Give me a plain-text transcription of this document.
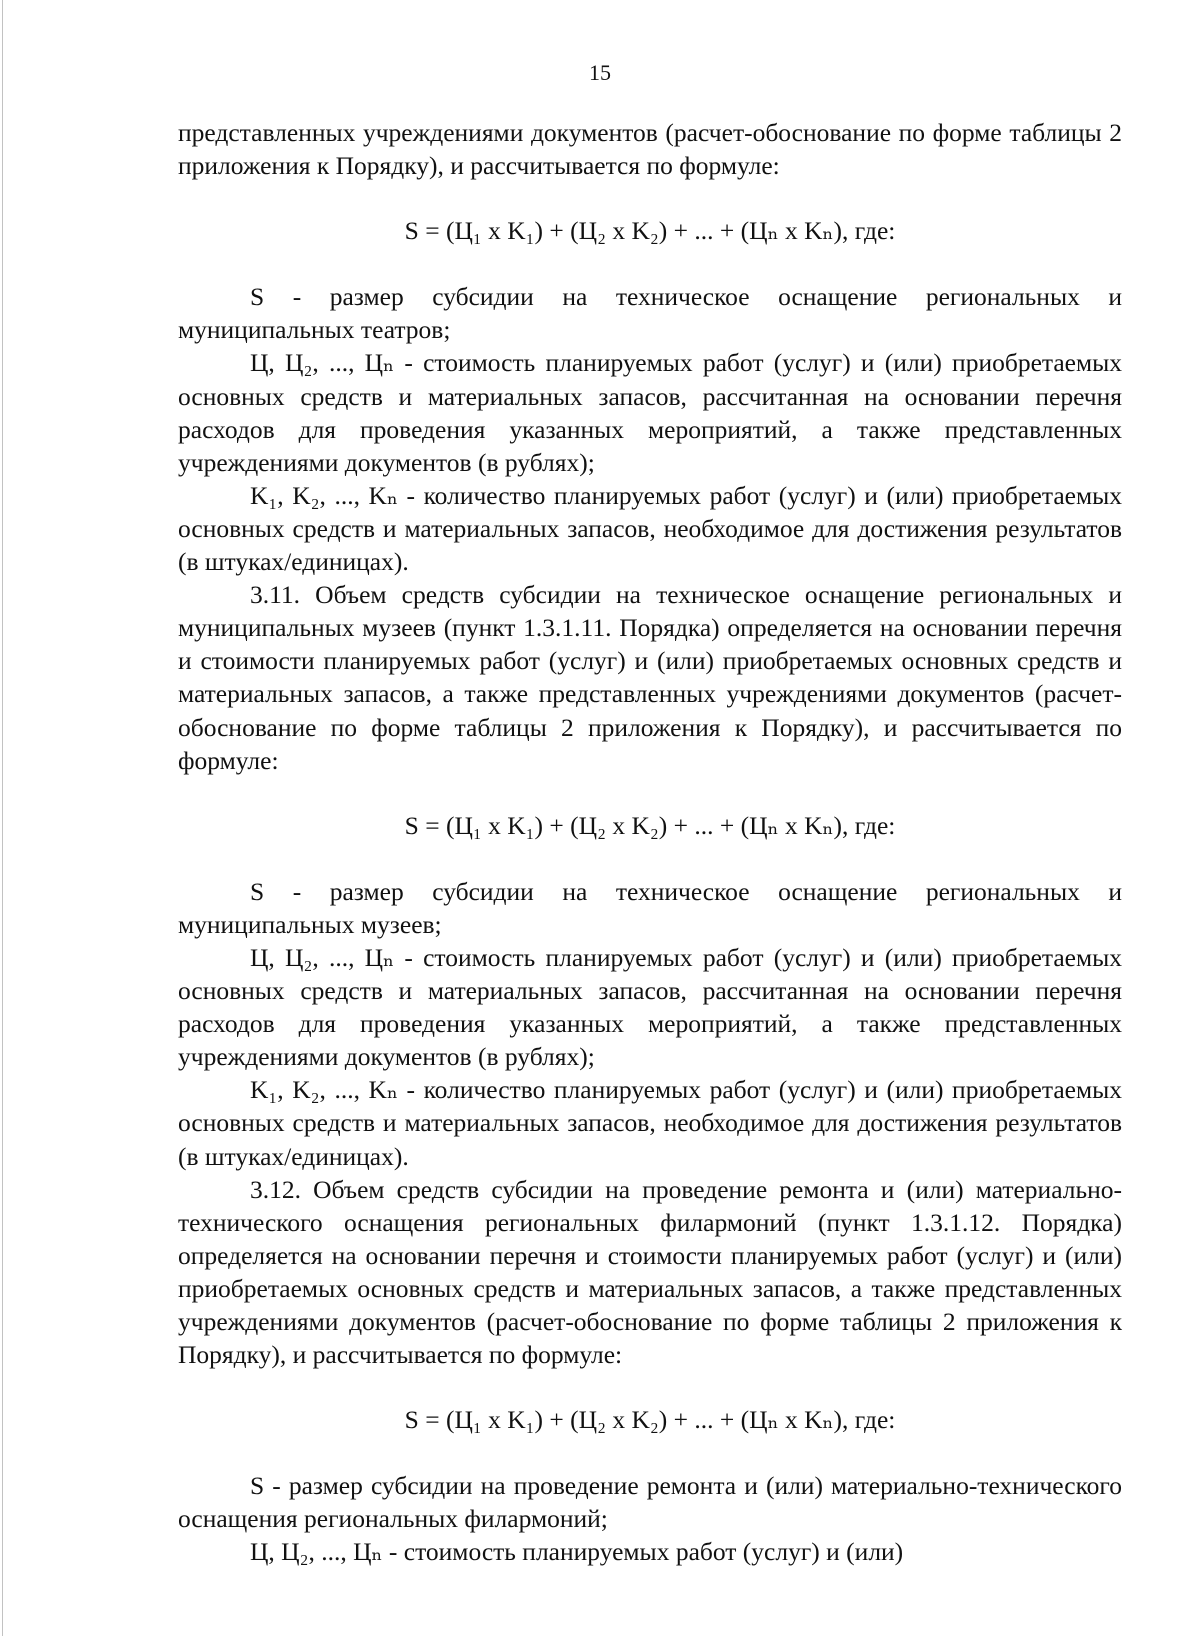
15

представленных учреждениями документов (расчет-обоснование по форме таблицы 2 приложения к Порядку), и рассчитывается по формуле:

S = (Ц₁ x K₁) + (Ц₂ x K₂) + ... + (Цₙ x Kₙ), где:

S - размер субсидии на техническое оснащение региональных и муниципальных театров;

Ц, Ц₂, ..., Цₙ - стоимость планируемых работ (услуг) и (или) приобретаемых основных средств и материальных запасов, рассчитанная на основании перечня расходов для проведения указанных мероприятий, а также представленных учреждениями документов (в рублях);

K₁, K₂, ..., Kₙ - количество планируемых работ (услуг) и (или) приобретаемых основных средств и материальных запасов, необходимое для достижения результатов (в штуках/единицах).

3.11. Объем средств субсидии на техническое оснащение региональных и муниципальных музеев (пункт 1.3.1.11. Порядка) определяется на основании перечня и стоимости планируемых работ (услуг) и (или) приобретаемых основных средств и материальных запасов, а также представленных учреждениями документов (расчет-обоснование по форме таблицы 2 приложения к Порядку), и рассчитывается по формуле:

S = (Ц₁ x K₁) + (Ц₂ x K₂) + ... + (Цₙ x Kₙ), где:

S - размер субсидии на техническое оснащение региональных и муниципальных музеев;

Ц, Ц₂, ..., Цₙ - стоимость планируемых работ (услуг) и (или) приобретаемых основных средств и материальных запасов, рассчитанная на основании перечня расходов для проведения указанных мероприятий, а также представленных учреждениями документов (в рублях);

K₁, K₂, ..., Kₙ - количество планируемых работ (услуг) и (или) приобретаемых основных средств и материальных запасов, необходимое для достижения результатов (в штуках/единицах).

3.12. Объем средств субсидии на проведение ремонта и (или) материально-технического оснащения региональных филармоний (пункт 1.3.1.12. Порядка) определяется на основании перечня и стоимости планируемых работ (услуг) и (или) приобретаемых основных средств и материальных запасов, а также представленных учреждениями документов (расчет-обоснование по форме таблицы 2 приложения к Порядку), и рассчитывается по формуле:

S = (Ц₁ x K₁) + (Ц₂ x K₂) + ... + (Цₙ x Kₙ), где:

S - размер субсидии на проведение ремонта и (или) материально-технического оснащения региональных филармоний;

Ц, Ц₂, ..., Цₙ - стоимость планируемых работ (услуг) и (или)
